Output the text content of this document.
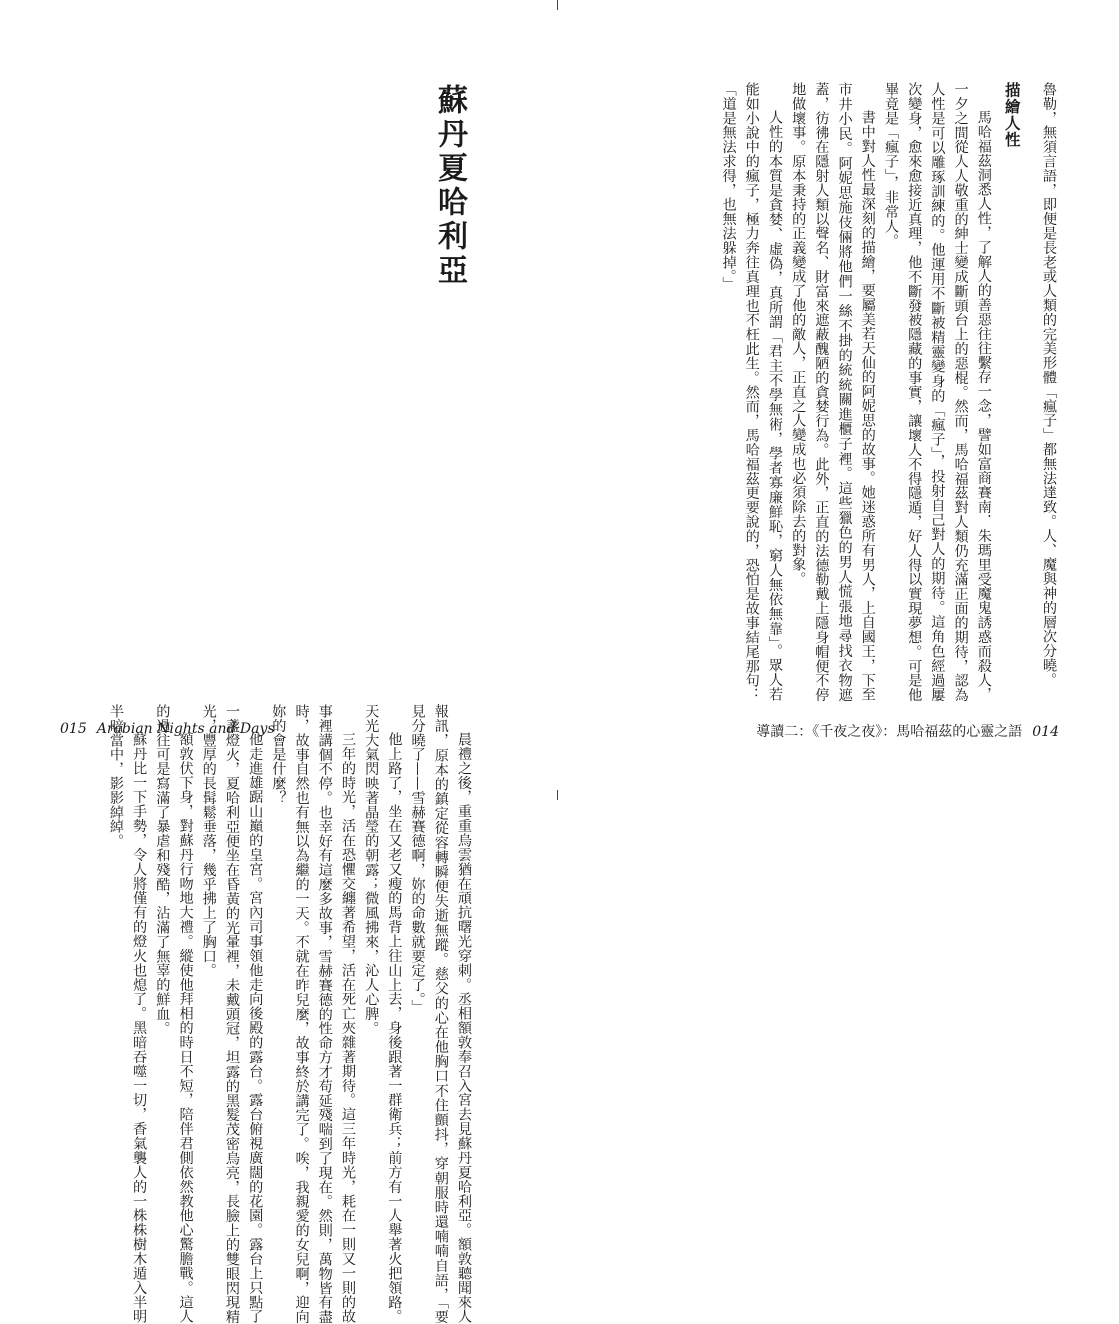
蘇丹夏哈利亞

晨禮之後，重重烏雲猶在頑抗曙光穿刺。丞相額敦奉召入宮去見蘇丹夏哈利亞。額敦聽聞來人報訊，原本的鎮定從容轉瞬便失逝無蹤。慈父的心在他胸口不住顫抖，穿朝服時還喃喃自語，「要見分曉了——雪赫賽德啊，妳的命數就要定了。」

他上路了，坐在又老又瘦的馬背上往山上去，身後跟著一群衛兵；前方有一人舉著火把領路。天光大氣閃映著晶瑩的朝露；微風拂來，沁人心脾。

三年的時光，活在恐懼交纏著希望，活在死亡夾雜著期待。這三年時光，耗在一則又一則的故事裡講個不停。也幸好有這麼多故事，雪赫賽德的性命方才苟延殘喘到了現在。然則，萬物皆有盡時，故事自然也有無以為繼的一天。不就在昨兒麼，故事終於講完了。唉，我親愛的女兒啊，迎向妳的會是什麼？

他走進雄踞山巔的皇宮。宮內司事領他走向後殿的露台。露台俯視廣闊的花園。露台上只點了一盞燈火，夏哈利亞便坐在昏黃的光暈裡，未戴頭冠，坦露的黑髮茂密烏亮，長臉上的雙眼閃現精光，豐厚的長髯鬆垂落，幾乎拂上了胸口。

額敦伏下身，對蘇丹行吻地大禮。縱使他拜相的時日不短，陪伴君側依然教他心驚膽戰。這人的過往可是寫滿了暴虐和殘酷，沾滿了無辜的鮮血。

蘇丹比一下手勢，令人將僅有的燈火也熄了。黑暗吞噬一切，香氣襲人的一株株樹木遁入半明半暗當中，影影綽綽。

魯勒，無須言語，即便是長老或人類的完美形體「瘋子」都無法達致。人、魔與神的層次分曉。

描繪人性

馬哈福茲洞悉人性，了解人的善惡往往繫存一念，譬如富商賽南．朱瑪里受魔鬼誘惑而殺人，一夕之間從人人敬重的紳士變成斷頭台上的惡棍。然而，馬哈福茲對人類仍充滿正面的期待，認為人性是可以雕琢訓練的。他運用不斷被精靈變身的「瘋子」，投射自己對人的期待。這角色經過屢次變身，愈來愈接近真理，他不斷發被隱藏的事實，讓壞人不得隱遁，好人得以實現夢想。可是他畢竟是「瘋子」，非常人。

書中對人性最深刻的描繪，要屬美若天仙的阿妮思的故事。她迷惑所有男人，上自國王，下至市井小民。阿妮思施伎倆將他們一絲不掛的統統關進櫃子裡。這些獵色的男人慌張地尋找衣物遮蓋，彷彿在隱射人類以聲名、財富來遮蔽醜陋的貪婪行為。此外，正直的法德勒戴上隱身帽便不停地做壞事。原本秉持的正義變成了他的敵人，正直之人變成也必須除去的對象。

人性的本質是貪婪、虛偽，真所謂「君主不學無術，學者寡廉鮮恥，窮人無依無靠」。眾人若能如小說中的瘋子，極力奔往真理也不枉此生。然而，馬哈福茲更要說的，恐怕是故事結尾那句：「道是無法求得，也無法躲掉。」

015 Arabian Nights and Days	導讀二：《千夜之夜》：馬哈福茲的心靈之語 014
